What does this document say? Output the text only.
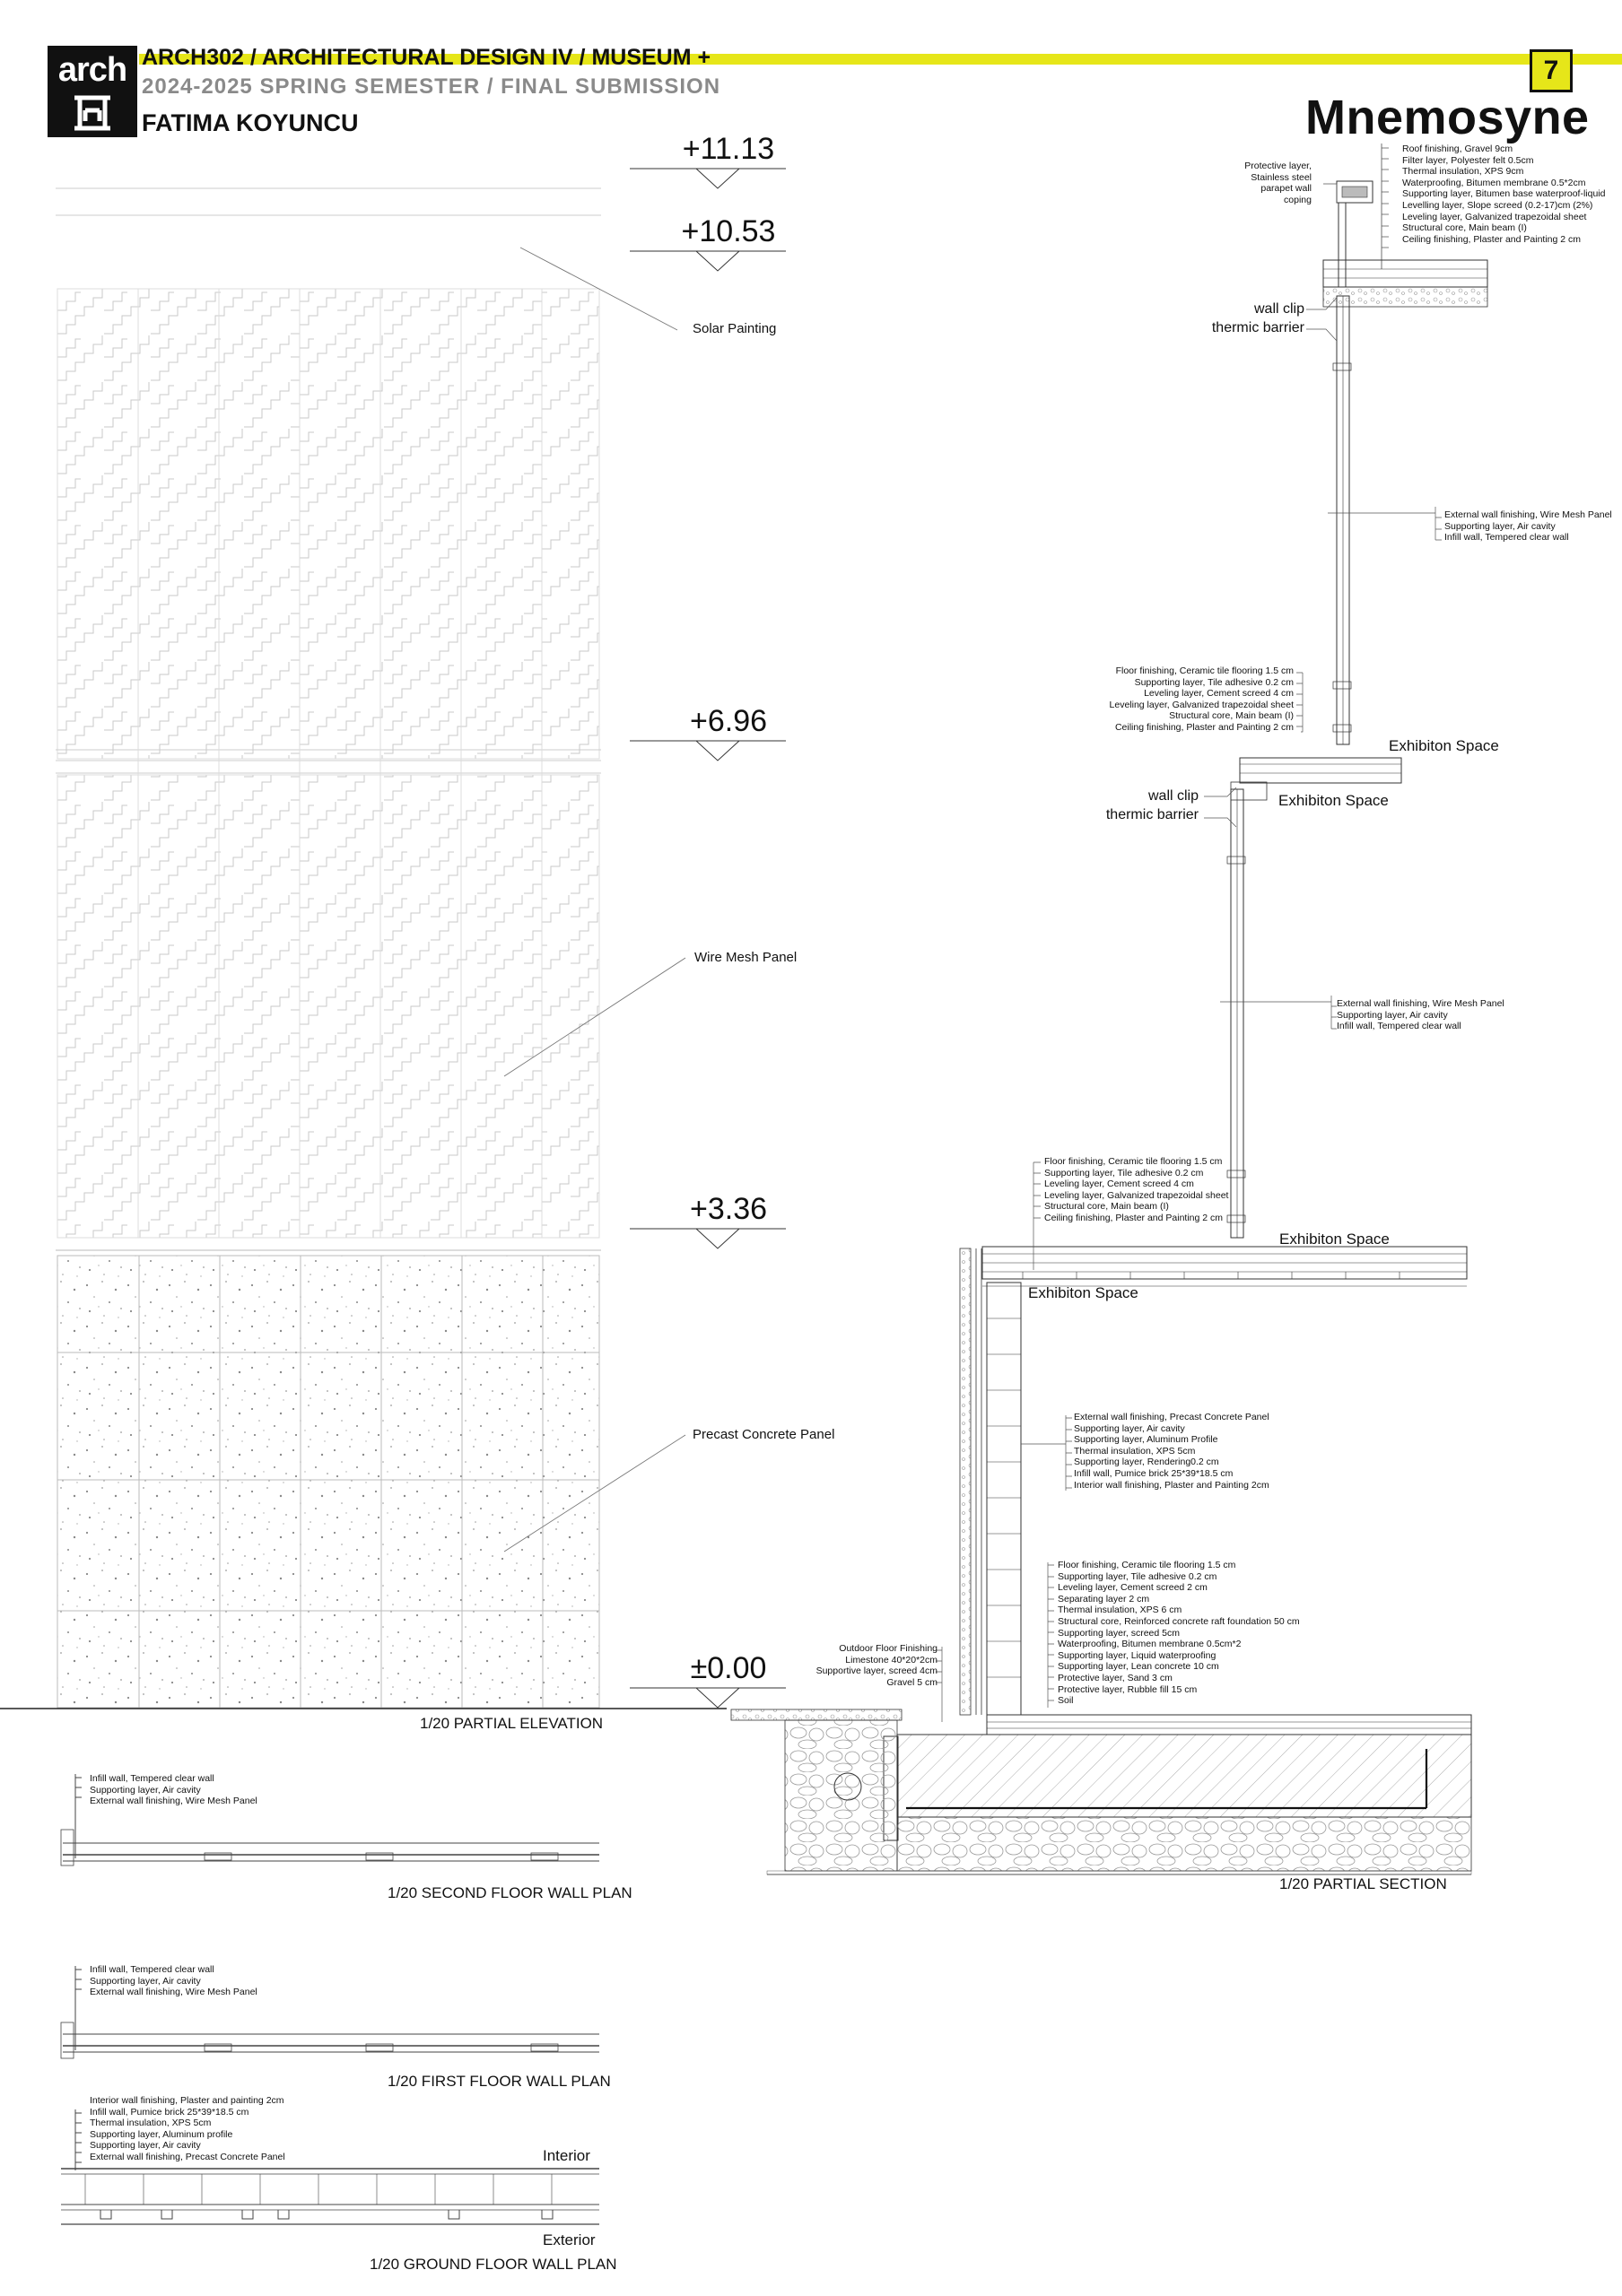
arch ARCH302 / ARCHITECTURAL DESIGN IV / MUSEUM +
2024-2025 SPRING SEMESTER / FINAL SUBMISSION
FATIMA KOYUNCU
7
Mnemosyne
+11.13
+10.53
+6.96
+3.36
±0.00
Solar Painting
Wire Mesh Panel
Precast Concrete Panel
1/20 PARTIAL ELEVATION
Roof finishing, Gravel 9cm
Filter layer, Polyester felt 0.5cm
Thermal insulation, XPS 9cm
Waterproofing, Bitumen membrane 0.5*2cm
Supporting layer, Bitumen base waterproof-liquid
Levelling layer, Slope screed (0.2-17)cm (2%)
Leveling layer, Galvanized trapezoidal sheet
Structural core, Main beam (I)
Ceiling finishing, Plaster and Painting 2 cm
Protective layer,
Stainless steel
parapet wall
coping
wall clip
thermic barrier
External wall finishing, Wire Mesh Panel
Supporting layer, Air cavity
Infill wall, Tempered clear wall
Floor finishing, Ceramic tile flooring 1.5 cm
Supporting layer, Tile adhesive 0.2 cm
Leveling layer, Cement screed 4 cm
Leveling layer, Galvanized trapezoidal sheet
Structural core, Main beam (I)
Ceiling finishing, Plaster and Painting 2 cm
Exhibiton Space
Exhibiton Space
wall clip
thermic barrier
External wall finishing, Wire Mesh Panel
Supporting layer, Air cavity
Infill wall, Tempered clear wall
Floor finishing, Ceramic tile flooring 1.5 cm
Supporting layer, Tile adhesive 0.2 cm
Leveling layer, Cement screed 4 cm
Leveling layer, Galvanized trapezoidal sheet
Structural core, Main beam (I)
Ceiling finishing, Plaster and Painting 2 cm
Exhibiton Space
Exhibiton Space
External wall finishing, Precast Concrete Panel
Supporting layer, Air cavity
Supporting layer, Aluminum Profile
Thermal insulation, XPS 5cm
Supporting layer, Rendering0.2 cm
Infill wall, Pumice brick 25*39*18.5 cm
Interior wall finishing, Plaster and Painting 2cm
Floor finishing, Ceramic tile flooring 1.5 cm
Supporting layer, Tile adhesive 0.2 cm
Leveling layer, Cement screed 2 cm
Separating layer 2 cm
Thermal insulation, XPS 6 cm
Structural core, Reinforced concrete raft foundation 50 cm
Supporting layer, screed 5cm
Waterproofing, Bitumen membrane 0.5cm*2
Supporting layer, Liquid waterproofing
Supporting layer, Lean concrete 10 cm
Protective layer, Sand 3 cm
Protective layer, Rubble fill 15 cm
Soil
Outdoor Floor Finishing
Limestone 40*20*2cm
Supportive layer, screed 4cm
Gravel 5 cm
1/20 PARTIAL SECTION
Infill wall, Tempered clear wall
Supporting layer, Air cavity
External wall finishing, Wire Mesh Panel
1/20 SECOND FLOOR WALL PLAN
Infill wall, Tempered clear wall
Supporting layer, Air cavity
External wall finishing, Wire Mesh Panel
1/20 FIRST FLOOR WALL PLAN
Interior wall finishing, Plaster and painting 2cm
Infill wall, Pumice brick 25*39*18.5 cm
Thermal insulation, XPS 5cm
Supporting layer, Aluminum profile
Supporting layer, Air cavity
External wall finishing, Precast Concrete Panel	Interior
Exterior
1/20 GROUND FLOOR WALL PLAN
